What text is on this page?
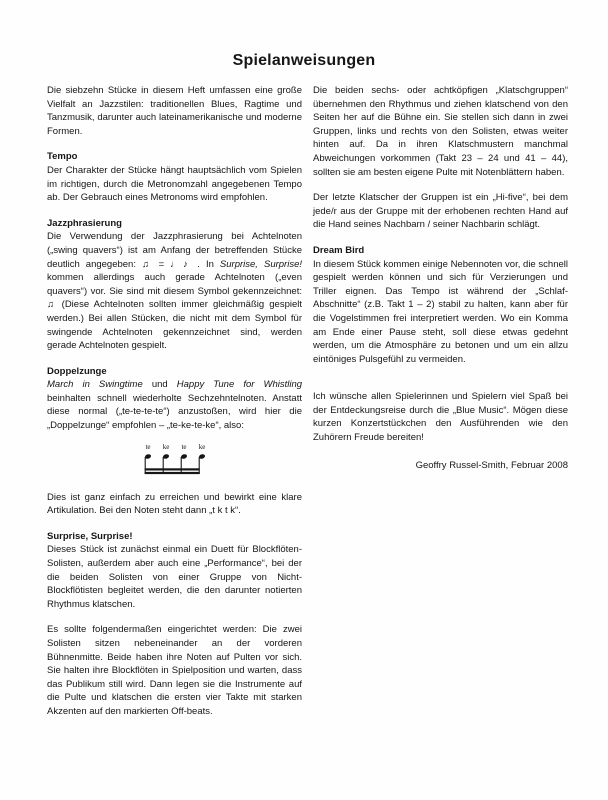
Spielanweisungen

Die siebzehn Stücke in diesem Heft umfassen eine große Vielfalt an Jazzstilen: traditionellen Blues, Ragtime und Tanzmusik, darunter auch lateinamerikanische und moderne Formen.

Tempo

Der Charakter der Stücke hängt hauptsächlich vom Spielen im richtigen, durch die Metronomzahl angegebenen Tempo ab. Der Gebrauch eines Metronoms wird empfohlen.

Jazzphrasierung

Die Verwendung der Jazzphrasierung bei Achtelnoten („swing quavers“) ist am Anfang der betreffenden Stücke deutlich angegeben: ♫ = ♩♪ . In Surprise, Surprise! kommen allerdings auch gerade Achtelnoten („even quavers“) vor. Sie sind mit diesem Symbol gekennzeichnet: ♫ (Diese Achtelnoten sollten immer gleichmäßig gespielt werden.) Bei allen Stücken, die nicht mit dem Symbol für swingende Achtelnoten gekennzeichnet sind, werden gerade Achtelnoten gespielt.

Doppelzunge

March in Swingtime und Happy Tune for Whistling beinhalten schnell wiederholte Sechzehntelnoten. Anstatt diese normal („te-te-te-te“) anzustoßen, wird hier die „Doppelzunge“ empfohlen – „te-ke-te-ke“, also:

te ke te ke

Dies ist ganz einfach zu erreichen und bewirkt eine klare Artikulation. Bei den Noten steht dann „t k t k“.

Surprise, Surprise!

Dieses Stück ist zunächst einmal ein Duett für Blockflöten-Solisten, außerdem aber auch eine „Performance“, bei der die beiden Solisten von einer Gruppe von Nicht-Blockflötisten begleitet werden, die den darunter notierten Rhythmus klatschen.

Es sollte folgendermaßen eingerichtet werden: Die zwei Solisten sitzen nebeneinander an der vorderen Bühnenmitte. Beide haben ihre Noten auf Pulten vor sich. Sie halten ihre Blockflöten in Spielposition und warten, dass das Publikum still wird. Dann legen sie die Instrumente auf die Pulte und klatschen die ersten vier Takte mit starken Akzenten auf den markierten Off-beats.

Die beiden sechs- oder achtköpfigen „Klatschgruppen“ übernehmen den Rhythmus und ziehen klatschend von den Seiten her auf die Bühne ein. Sie stellen sich dann in zwei Gruppen, links und rechts von den Solisten, etwas weiter hinten auf. Da in ihren Klatschmustern manchmal Abweichungen vorkommen (Takt 23 – 24 und 41 – 44), sollten sie am besten eigene Pulte mit Notenblättern haben.

Der letzte Klatscher der Gruppen ist ein „Hi-five“, bei dem jede/r aus der Gruppe mit der erhobenen rechten Hand auf die Hand seines Nachbarn / seiner Nachbarin schlägt.

Dream Bird

In diesem Stück kommen einige Nebennoten vor, die schnell gespielt werden können und sich für Verzierungen und Triller eignen. Das Tempo ist während der „Schlaf-Abschnitte“ (z.B. Takt 1 – 2) stabil zu halten, kann aber für die Vogelstimmen frei interpretiert werden. Wo ein Komma am Ende einer Pause steht, soll diese etwas gedehnt werden, um die Atmosphäre zu betonen und um ein allzu eintöniges Pulsgefühl zu vermeiden.

Ich wünsche allen Spielerinnen und Spielern viel Spaß bei der Entdeckungsreise durch die „Blue Music“. Mögen diese kurzen Konzertstückchen den Ausführenden wie den Zuhörern Freude bereiten!

Geoffry Russel-Smith, Februar 2008
